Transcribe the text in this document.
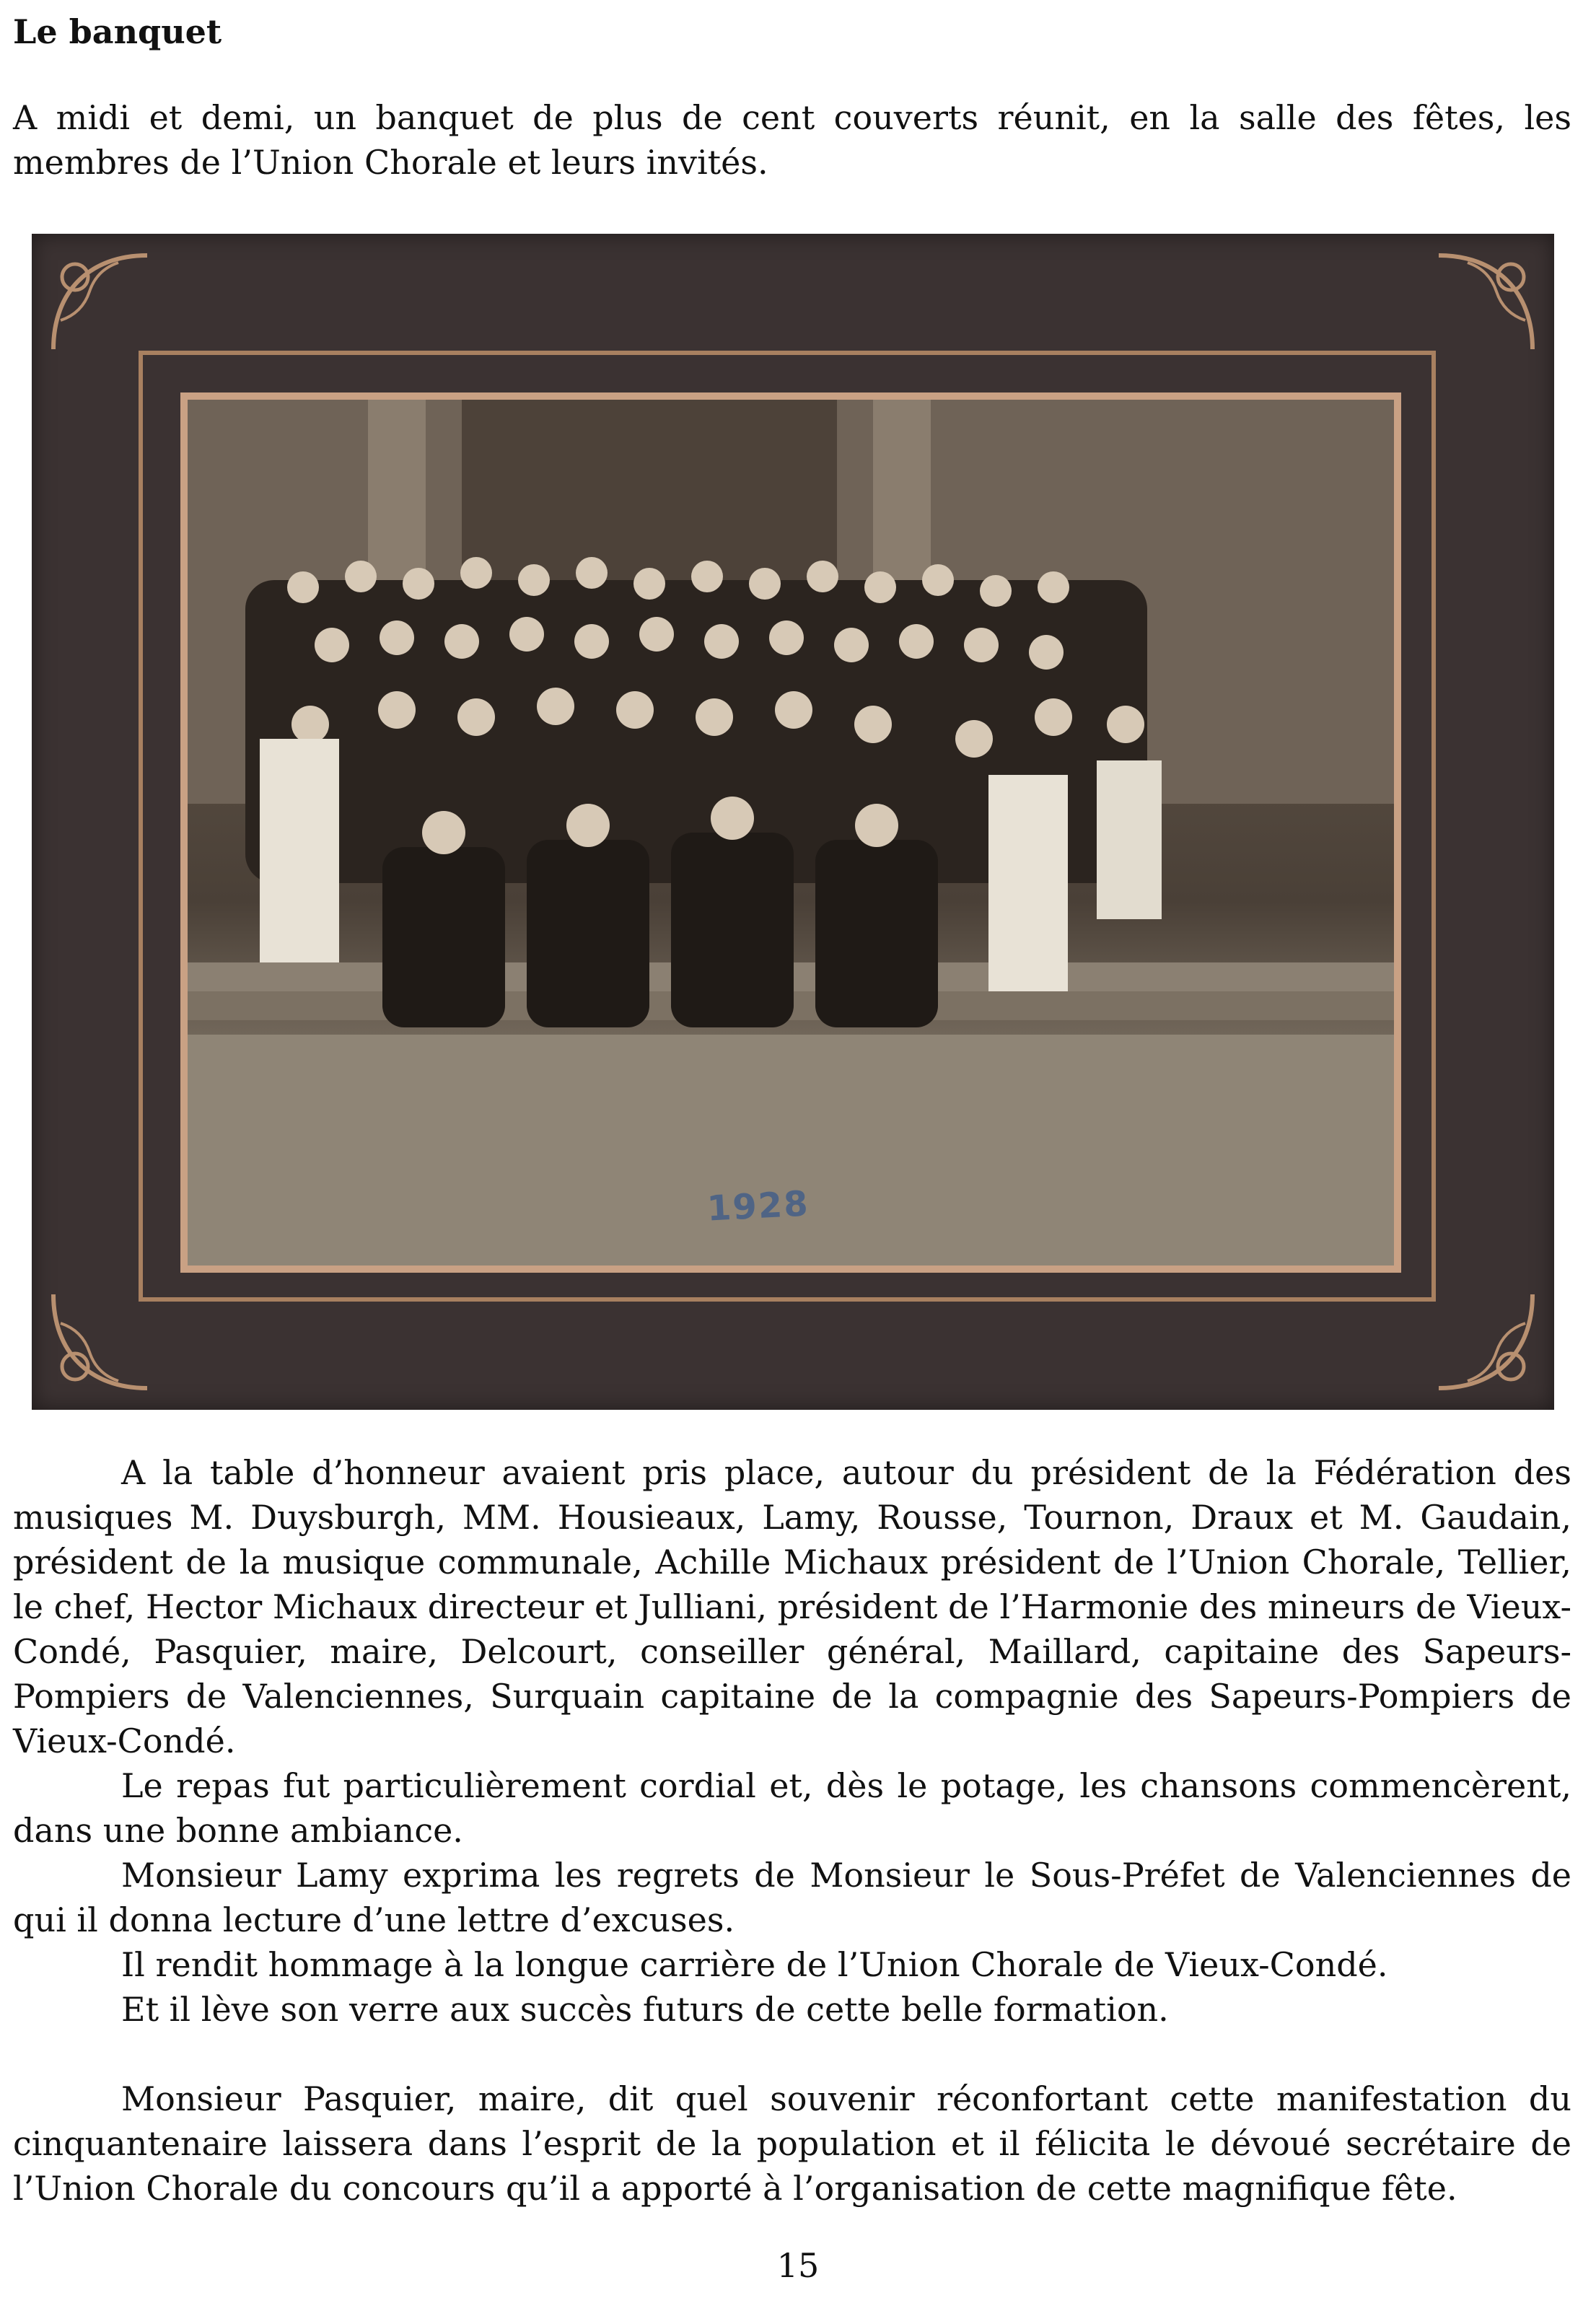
Le banquet

A midi et demi, un banquet de plus de cent couverts réunit, en la salle des fêtes, les membres de l’Union Chorale et leurs invités.

1928

A la table d’honneur avaient pris place, autour du président de la Fédération des musiques M. Duysburgh, MM. Housieaux, Lamy, Rousse, Tournon, Draux et M. Gaudain, président de la musique communale, Achille Michaux président de l’Union Chorale, Tellier, le chef, Hector Michaux directeur et Julliani, président de l’Harmonie des mineurs de Vieux-Condé, Pasquier, maire, Delcourt, conseiller général, Maillard, capitaine des Sapeurs-Pompiers de Valenciennes, Surquain capitaine de la compagnie des Sapeurs-Pompiers de Vieux-Condé.

Le repas fut particulièrement cordial et, dès le potage, les chansons commencèrent, dans une bonne ambiance.

Monsieur Lamy exprima les regrets de Monsieur le Sous-Préfet de Valenciennes de qui il donna lecture d’une lettre d’excuses.

Il rendit hommage à la longue carrière de l’Union Chorale de Vieux-Condé.

Et il lève son verre aux succès futurs de cette belle formation.

Monsieur Pasquier, maire, dit quel souvenir réconfortant cette manifestation du cinquantenaire laissera dans l’esprit de la population et il félicita le dévoué secrétaire de l’Union Chorale du concours qu’il a apporté à l’organisation de cette magnifique fête.

15
